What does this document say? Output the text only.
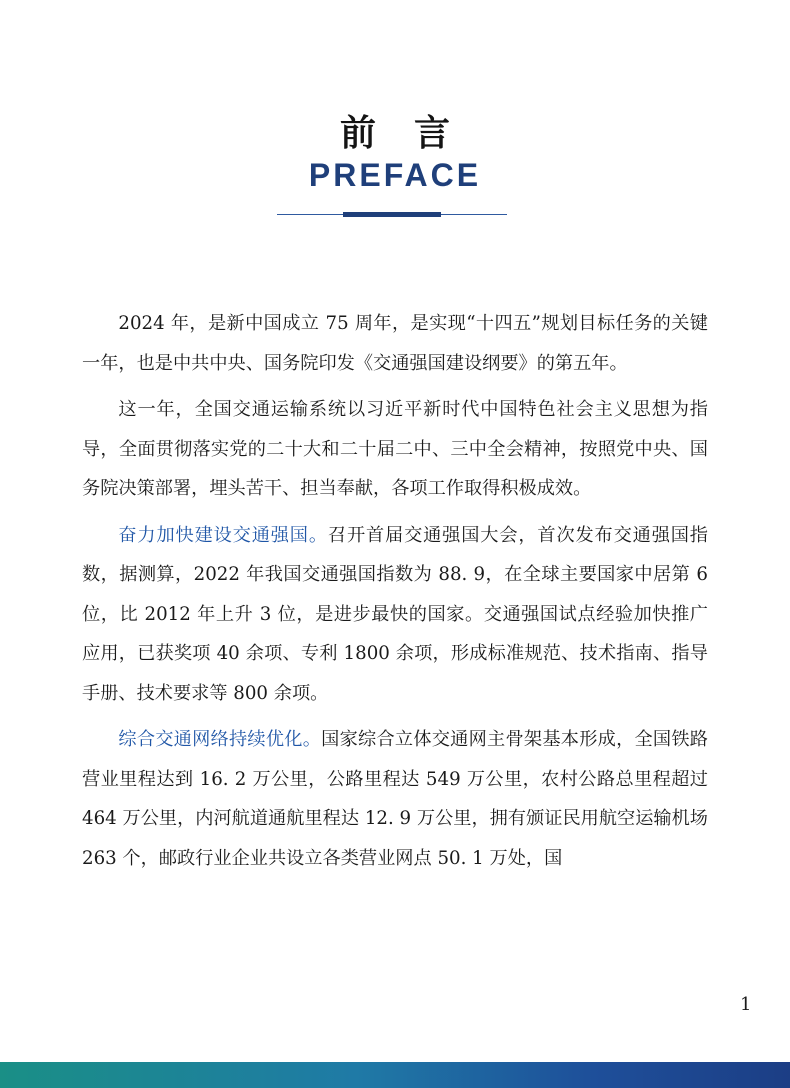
前言
PREFACE

2024 年，是新中国成立 75 周年，是实现“十四五”规划目标任务的关键一年，也是中共中央、国务院印发《交通强国建设纲要》的第五年。

这一年，全国交通运输系统以习近平新时代中国特色社会主义思想为指导，全面贯彻落实党的二十大和二十届二中、三中全会精神，按照党中央、国务院决策部署，埋头苦干、担当奉献，各项工作取得积极成效。

奋力加快建设交通强国。召开首届交通强国大会，首次发布交通强国指数，据测算，2022 年我国交通强国指数为 88. 9，在全球主要国家中居第 6 位，比 2012 年上升 3 位，是进步最快的国家。交通强国试点经验加快推广应用，已获奖项 40 余项、专利 1800 余项，形成标准规范、技术指南、指导手册、技术要求等 800 余项。

综合交通网络持续优化。国家综合立体交通网主骨架基本形成，全国铁路营业里程达到 16. 2 万公里，公路里程达 549 万公里，农村公路总里程超过 464 万公里，内河航道通航里程达 12. 9 万公里，拥有颁证民用航空运输机场 263 个，邮政行业企业共设立各类营业网点 50. 1 万处，国

1
